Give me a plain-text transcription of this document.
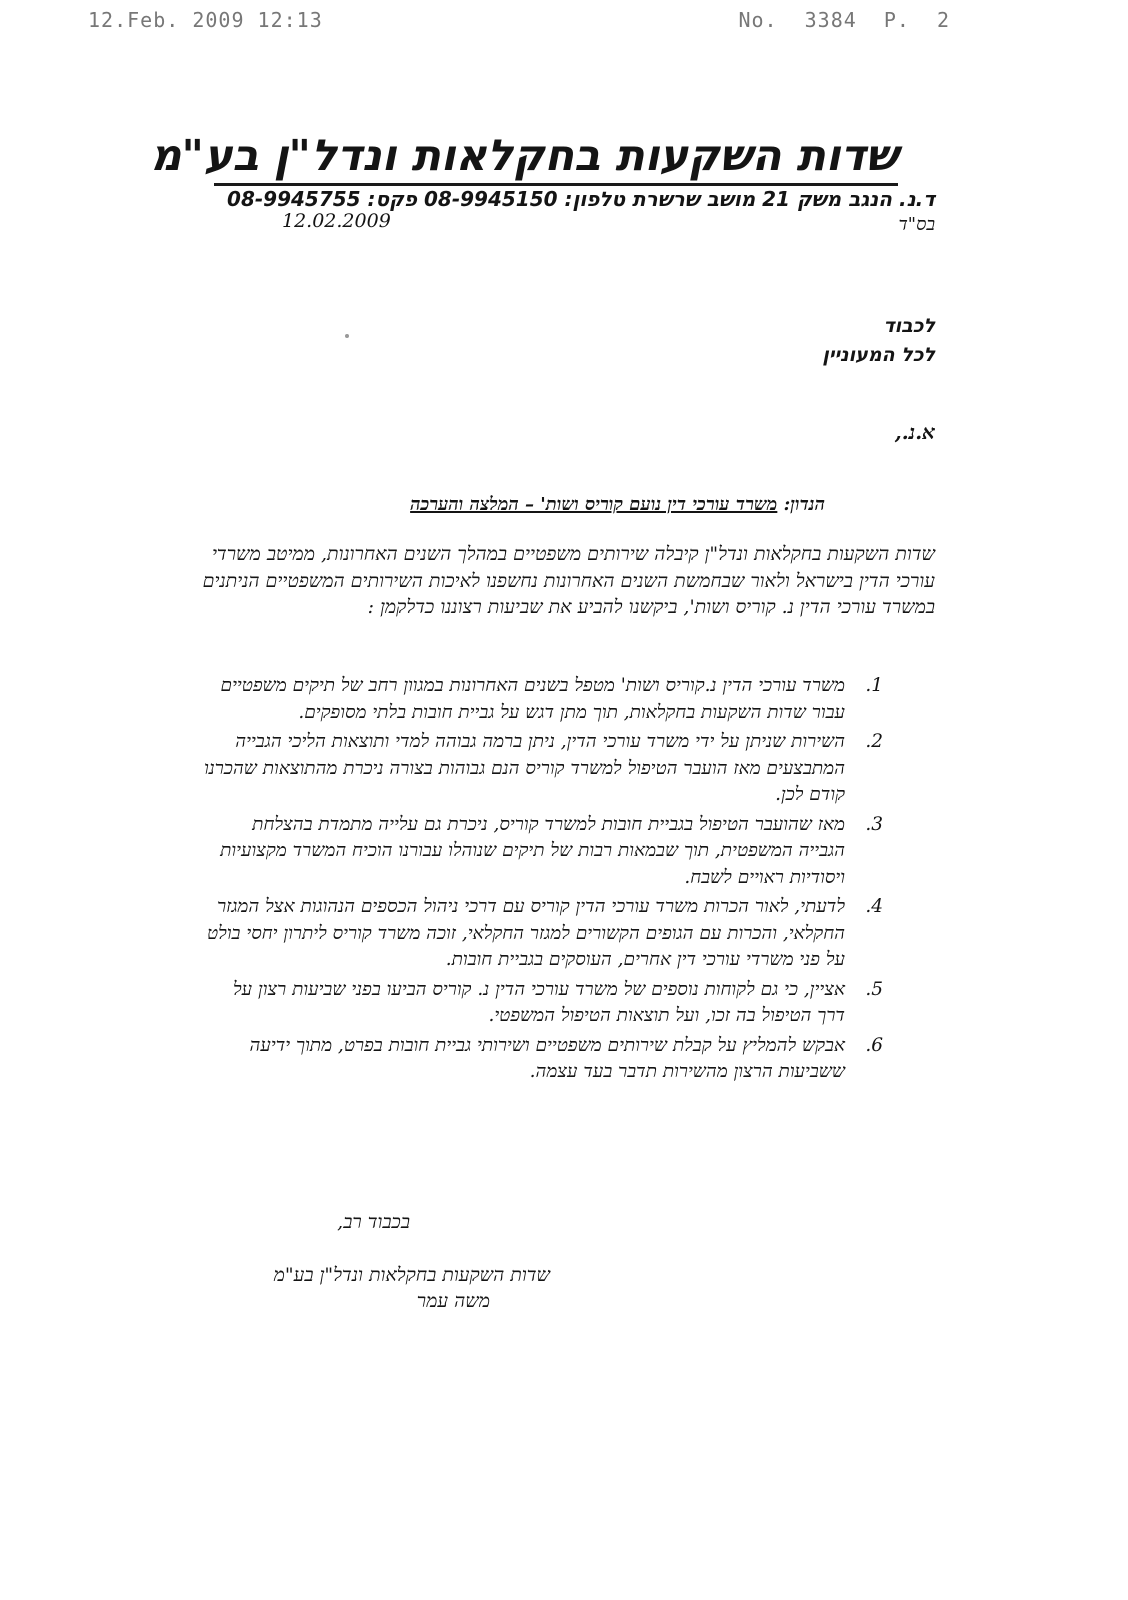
12.Feb. 2009 12:13	No. 3384 P. 2
שדות השקעות בחקלאות ונדל"ן בע"מ
ד.נ. הנגב משק 21 מושב שרשרת טלפון: 08-9945150 פקס: 08-9945755
12.02.2009	בס"ד
לכבוד
לכל המעוניין
א.נ.,
הנדון: משרד עורכי דין נועם קוריס ושות' – המלצה והערכה
שדות השקעות בחקלאות ונדל"ן קיבלה שירותים משפטיים במהלך השנים האחרונות, ממיטב משרדי עורכי הדין בישראל ולאור שבחמשת השנים האחרונות נחשפנו לאיכות השירותים המשפטיים הניתנים במשרד עורכי הדין נ. קוריס ושות', ביקשנו להביע את שביעות רצוננו כדלקמן :
1.
משרד עורכי הדין נ.קוריס ושות' מטפל בשנים האחרונות במגוון רחב של תיקים משפטיים עבור שדות השקעות בחקלאות, תוך מתן דגש על גביית חובות בלתי מסופקים.
2.
השירות שניתן על ידי משרד עורכי הדין, ניתן ברמה גבוהה למדי ותוצאות הליכי הגבייה המתבצעים מאז הועבר הטיפול למשרד קוריס הנם גבוהות בצורה ניכרת מהתוצאות שהכרנו קודם לכן.
3.
מאז שהועבר הטיפול בגביית חובות למשרד קוריס, ניכרת גם עלייה מתמדת בהצלחת הגבייה המשפטית, תוך שבמאות רבות של תיקים שנוהלו עבורנו הוכיח המשרד מקצועיות ויסודיות ראויים לשבח.
4.
לדעתי, לאור הכרות משרד עורכי הדין קוריס עם דרכי ניהול הכספים הנהוגות אצל המגזר החקלאי, והכרות עם הגופים הקשורים למגזר החקלאי, זוכה משרד קוריס ליתרון יחסי בולט על פני משרדי עורכי דין אחרים, העוסקים בגביית חובות.
5.
אציין, כי גם לקוחות נוספים של משרד עורכי הדין נ. קוריס הביעו בפני שביעות רצון על דרך הטיפול בה זכו, ועל תוצאות הטיפול המשפטי.
6.
אבקש להמליץ על קבלת שירותים משפטיים ושירותי גביית חובות בפרט, מתוך ידיעה ששביעות הרצון מהשירות תדבר בעד עצמה.
בכבוד רב,
שדות השקעות בחקלאות ונדל"ן בע"מ
משה עמר
